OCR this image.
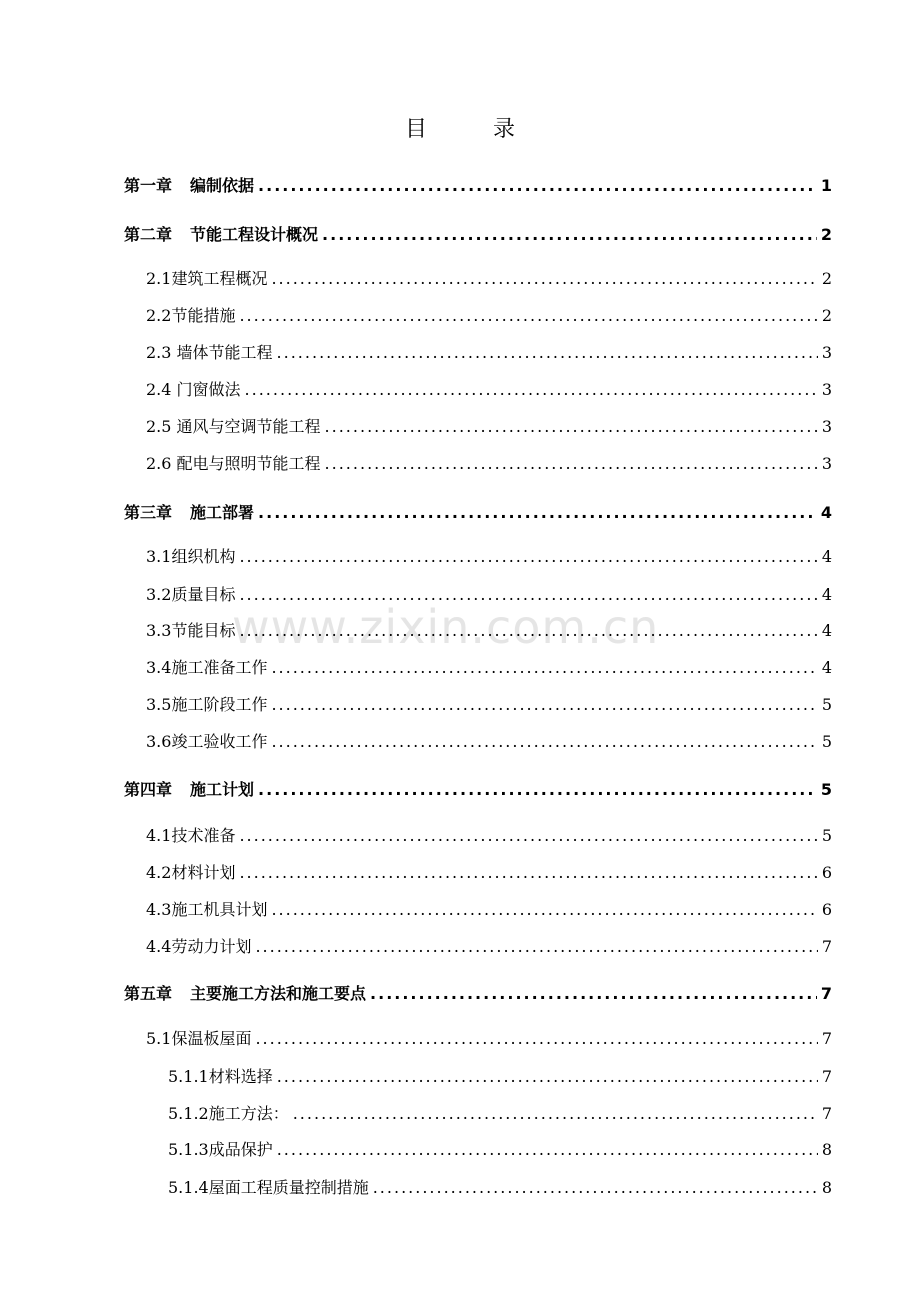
目　录
www.zixin.com.cn
第一章 编制依据 .....	1
第二章 节能工程设计概况 .....	2
2.1建筑工程概况 .....	2
2.2节能措施 .....	2
2.3 墙体节能工程 .....	3
2.4 门窗做法 .....	3
2.5 通风与空调节能工程 .....	3
2.6 配电与照明节能工程 .....	3
第三章 施工部署 .....	4
3.1组织机构 .....	4
3.2质量目标 .....	4
3.3节能目标 .....	4
3.4施工准备工作 .....	4
3.5施工阶段工作 .....	5
3.6竣工验收工作 .....	5
第四章 施工计划 .....	5
4.1技术准备 .....	5
4.2材料计划 .....	6
4.3施工机具计划 .....	6
4.4劳动力计划 .....	7
第五章 主要施工方法和施工要点 .....	7
5.1保温板屋面 .....	7
5.1.1材料选择 .....	7
5.1.2施工方法： .....	7
5.1.3成品保护 .....	8
5.1.4屋面工程质量控制措施 .....	8
